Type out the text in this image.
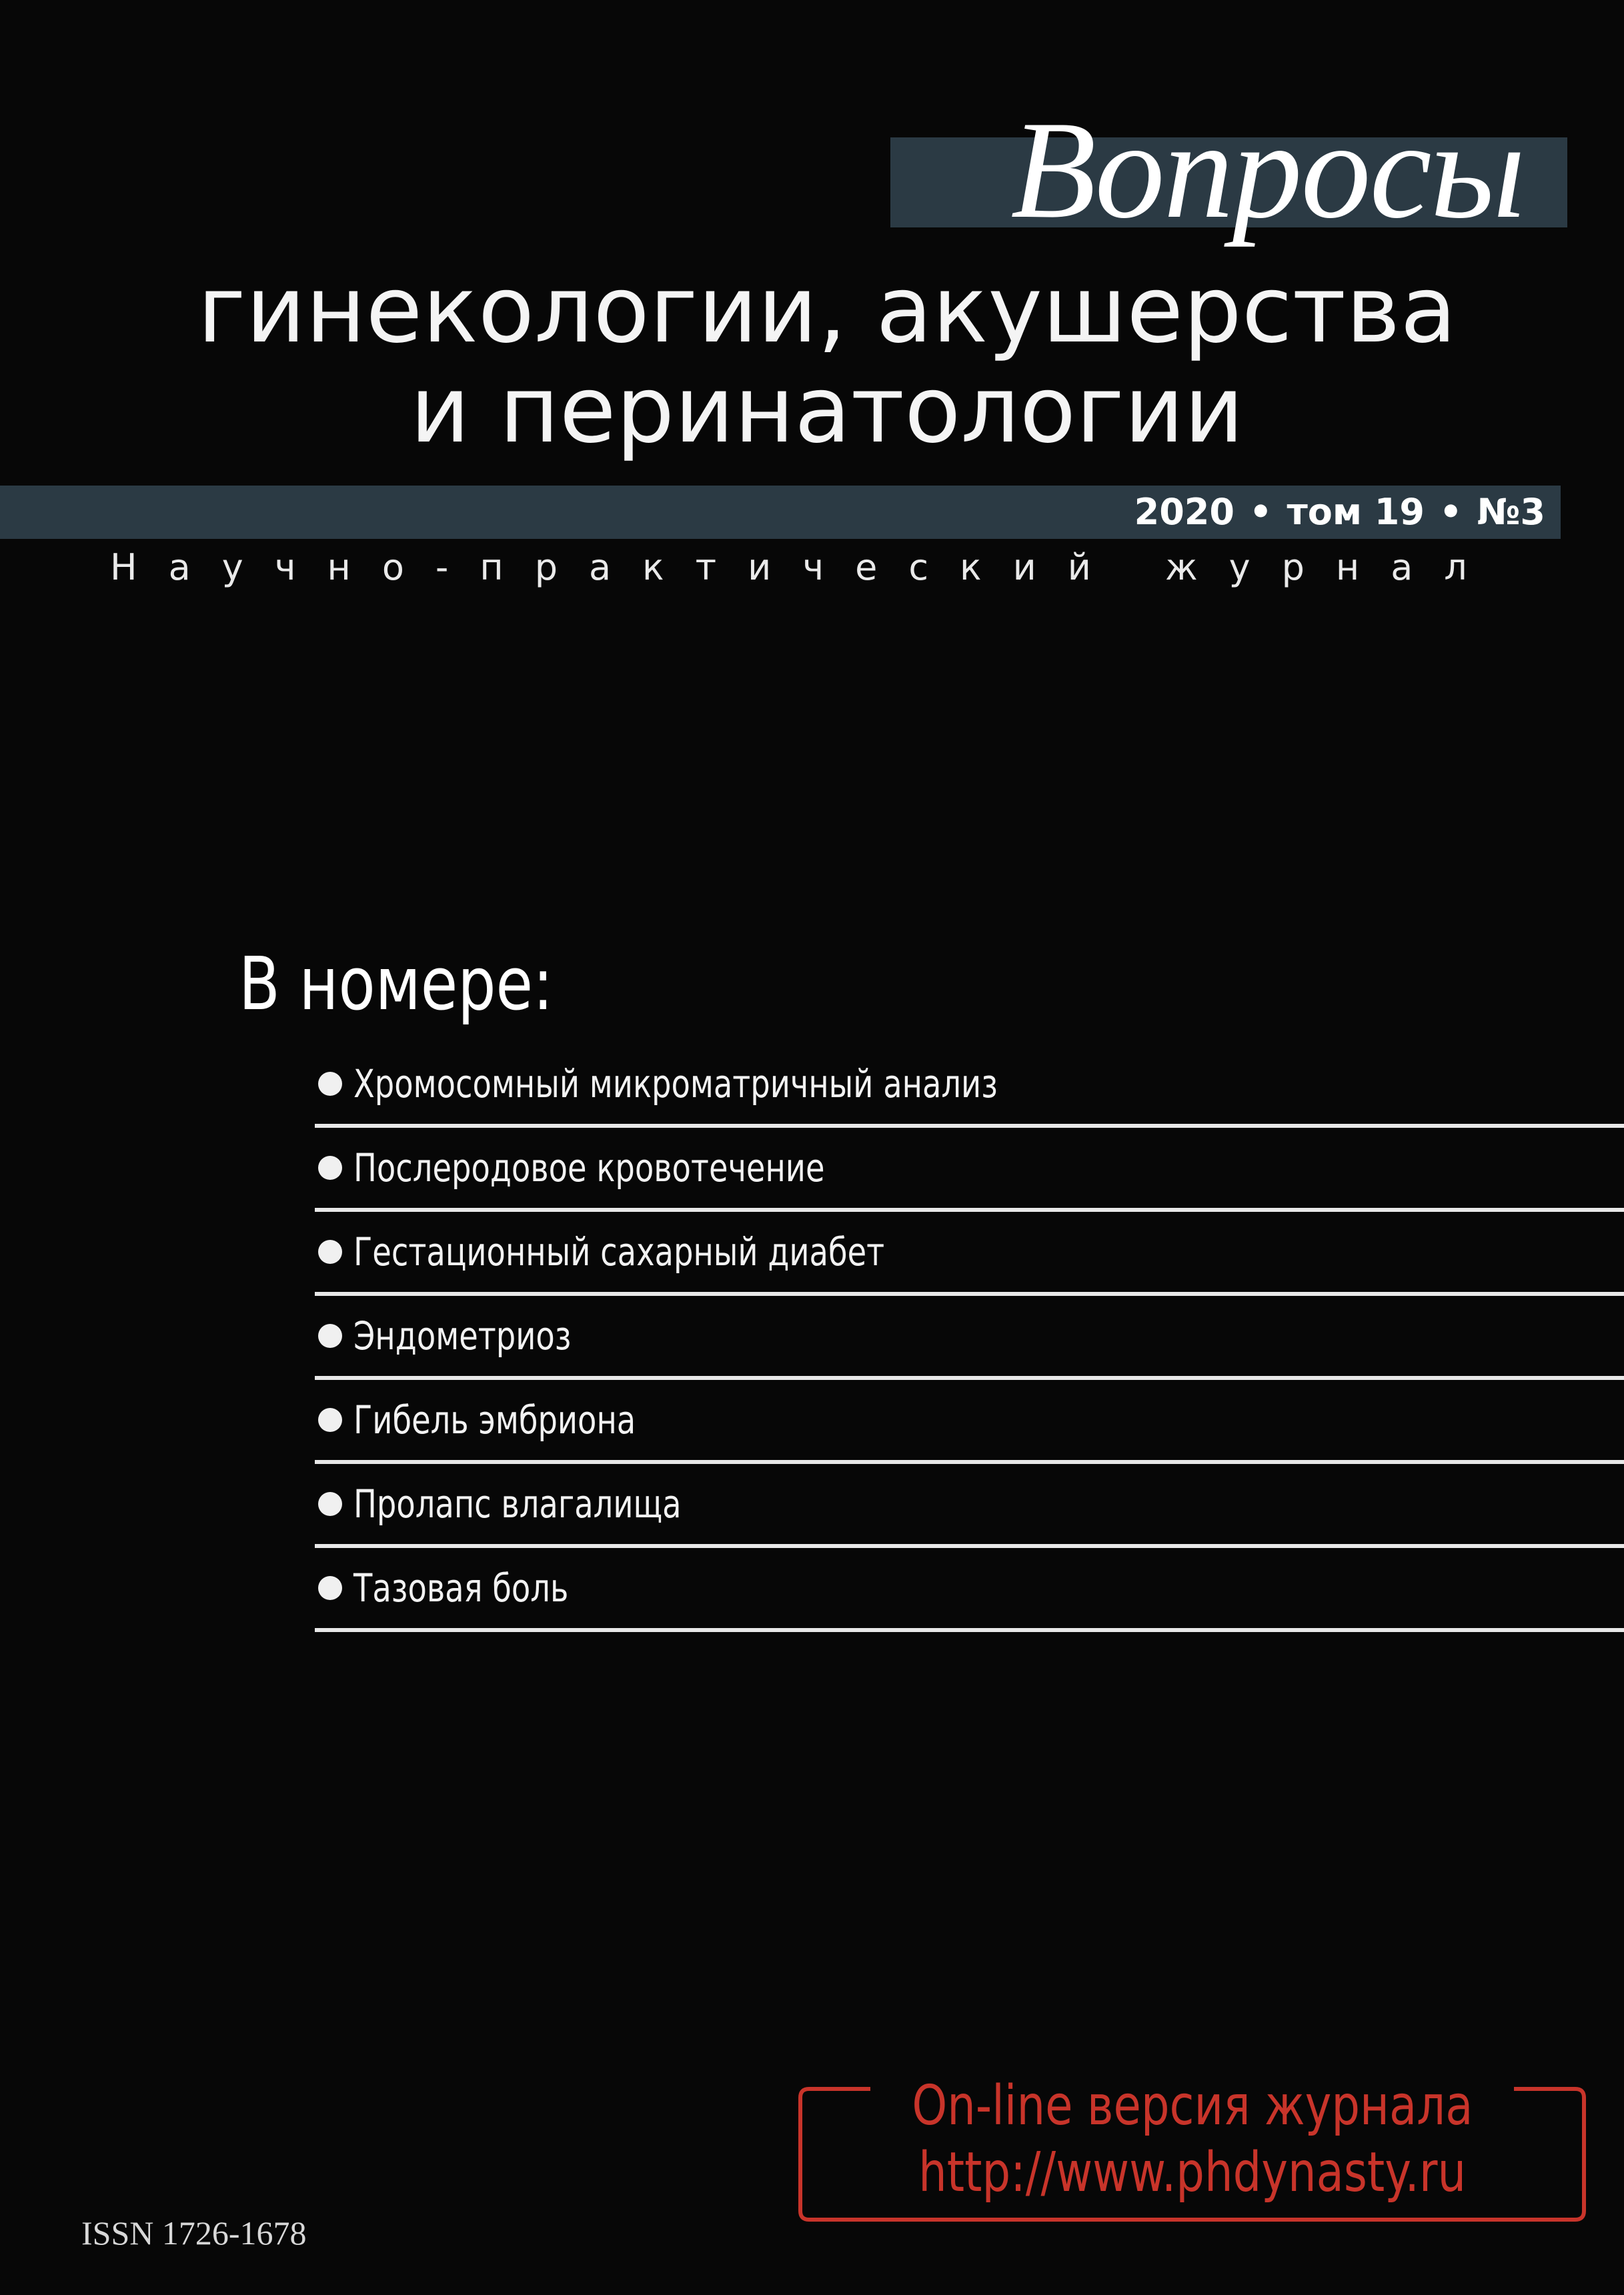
Вопросы
гинекологии, акушерства
и перинатологии
2020 • том 19 • №3
Научно-практический журнал
В номере:
Хромосомный микроматричный анализ
Послеродовое кровотечение
Гестационный сахарный диабет
Эндометриоз
Гибель эмбриона
Пролапс влагалища
Тазовая боль
On-line версия журнала
http://www.phdynasty.ru
ISSN 1726-1678
